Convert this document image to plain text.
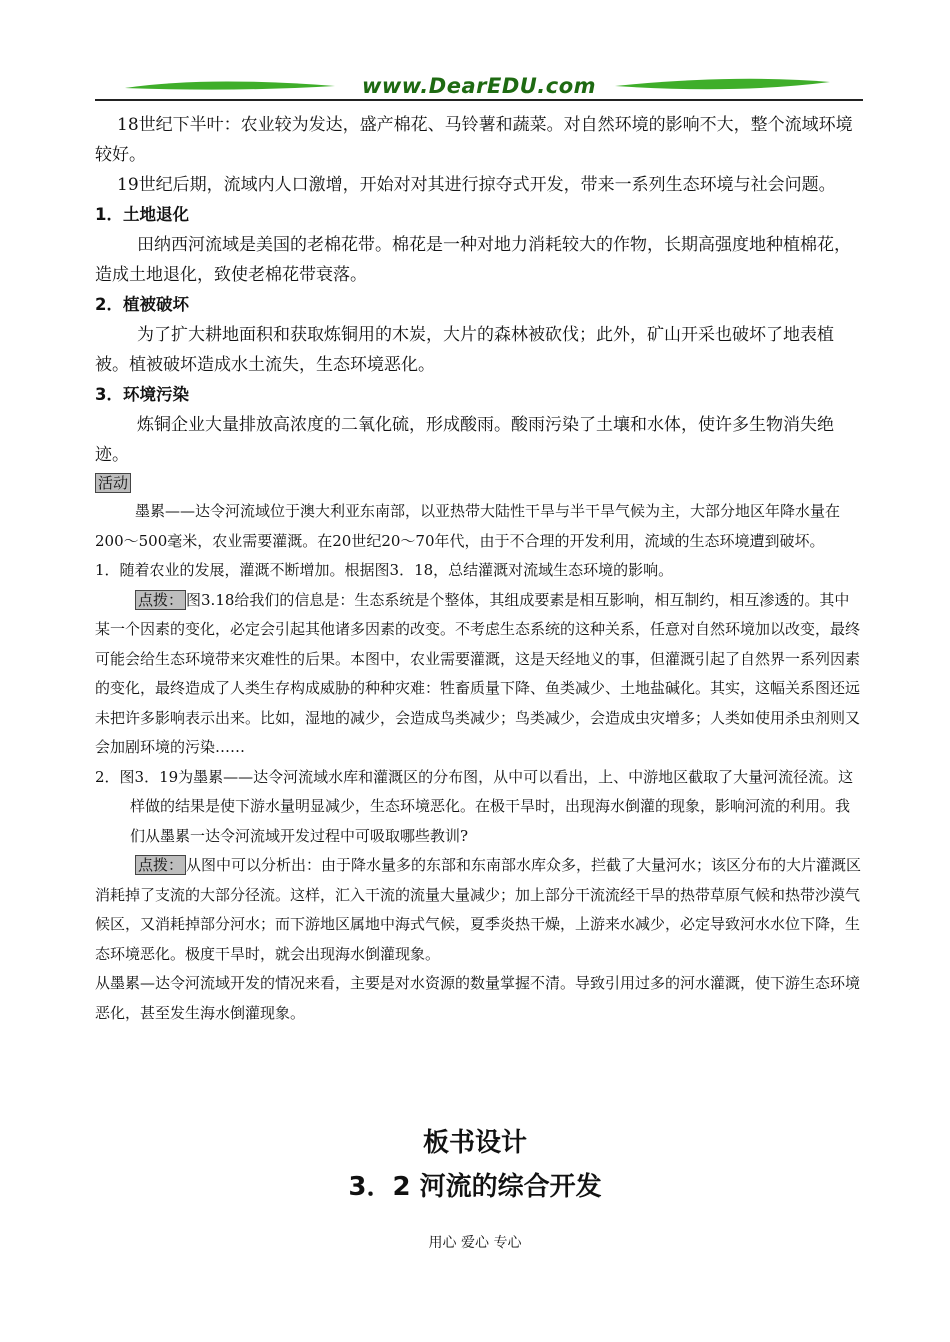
www.DearEDU.com

18世纪下半叶：农业较为发达，盛产棉花、马铃薯和蔬菜。对自然环境的影响不大，整个流域环境较好。

19世纪后期，流域内人口激增，开始对对其进行掠夺式开发，带来一系列生态环境与社会问题。

1．土地退化

田纳西河流域是美国的老棉花带。棉花是一种对地力消耗较大的作物，长期高强度地种植棉花，造成土地退化，致使老棉花带衰落。

2．植被破坏

为了扩大耕地面积和获取炼铜用的木炭，大片的森林被砍伐；此外，矿山开采也破坏了地表植被。植被破坏造成水土流失，生态环境恶化。

3．环境污染

炼铜企业大量排放高浓度的二氧化硫，形成酸雨。酸雨污染了土壤和水体，使许多生物消失绝迹。

活动

墨累——达令河流域位于澳大利亚东南部，以亚热带大陆性干旱与半干旱气候为主，大部分地区年降水量在200～500毫米，农业需要灌溉。在20世纪20～70年代，由于不合理的开发利用，流域的生态环境遭到破坏。

1．随着农业的发展，灌溉不断增加。根据图3．18，总结灌溉对流域生态环境的影响。

点拨： 图3.18给我们的信息是：生态系统是个整体，其组成要素是相互影响，相互制约，相互渗透的。其中某一个因素的变化，必定会引起其他诸多因素的改变。不考虑生态系统的这种关系，任意对自然环境加以改变，最终可能会给生态环境带来灾难性的后果。本图中，农业需要灌溉，这是天经地义的事，但灌溉引起了自然界一系列因素的变化，最终造成了人类生存构成威胁的种种灾难：牲畜质量下降、鱼类减少、土地盐碱化。其实，这幅关系图还远未把许多影响表示出来。比如，湿地的减少，会造成鸟类减少；鸟类减少，会造成虫灾增多；人类如使用杀虫剂则又会加剧环境的污染……

2．图3．19为墨累——达令河流域水库和灌溉区的分布图，从中可以看出，上、中游地区截取了大量河流径流。这样做的结果是使下游水量明显减少，生态环境恶化。在极干旱时，出现海水倒灌的现象，影响河流的利用。我们从墨累一达令河流域开发过程中可吸取哪些教训?

点拨： 从图中可以分析出：由于降水量多的东部和东南部水库众多，拦截了大量河水；该区分布的大片灌溉区消耗掉了支流的大部分径流。这样，汇入干流的流量大量减少；加上部分干流流经干旱的热带草原气候和热带沙漠气候区，又消耗掉部分河水；而下游地区属地中海式气候，夏季炎热干燥，上游来水减少，必定导致河水水位下降，生态环境恶化。极度干旱时，就会出现海水倒灌现象。

从墨累—达令河流域开发的情况来看，主要是对水资源的数量掌握不清。导致引用过多的河水灌溉，使下游生态环境恶化，甚至发生海水倒灌现象。

板书设计
3．2 河流的综合开发
用心 爱心 专心
